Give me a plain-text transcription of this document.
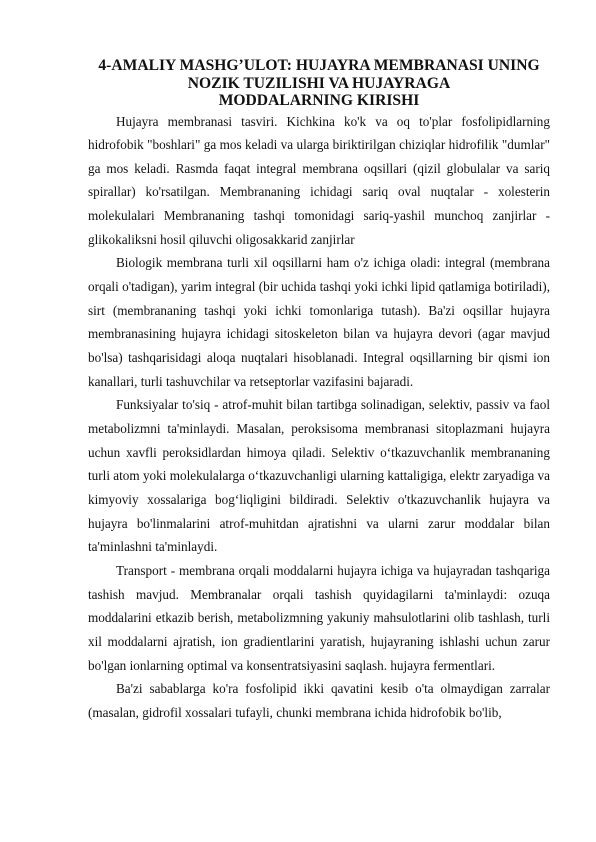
4-AMALIY MASHG’ULOT: HUJAYRA MEMBRANASI UNING
NOZIK TUZILISHI VA HUJAYRAGA
MODDALARNING KIRISHI

Hujayra membranasi tasviri. Kichkina ko'k va oq to'plar fosfolipidlarning hidrofobik "boshlari" ga mos keladi va ularga biriktirilgan chiziqlar hidrofilik "dumlar" ga mos keladi. Rasmda faqat integral membrana oqsillari (qizil globulalar va sariq spirallar) ko'rsatilgan. Membrananing ichidagi sariq oval nuqtalar - xolesterin molekulalari Membrananing tashqi tomonidagi sariq-yashil munchoq zanjirlar - glikokaliksni hosil qiluvchi oligosakkarid zanjirlar

Biologik membrana turli xil oqsillarni ham o'z ichiga oladi: integral (membrana orqali o'tadigan), yarim integral (bir uchida tashqi yoki ichki lipid qatlamiga botiriladi), sirt (membrananing tashqi yoki ichki tomonlariga tutash). Ba'zi oqsillar hujayra membranasining hujayra ichidagi sitoskeleton bilan va hujayra devori (agar mavjud bo'lsa) tashqarisidagi aloqa nuqtalari hisoblanadi. Integral oqsillarning bir qismi ion kanallari, turli tashuvchilar va retseptorlar vazifasini bajaradi.

Funksiyalar to'siq - atrof-muhit bilan tartibga solinadigan, selektiv, passiv va faol metabolizmni ta'minlaydi. Masalan, peroksisoma membranasi sitoplazmani hujayra uchun xavfli peroksidlardan himoya qiladi. Selektiv o‘tkazuvchanlik membrananing turli atom yoki molekulalarga o‘tkazuvchanligi ularning kattaligiga, elektr zaryadiga va kimyoviy xossalariga bog‘liqligini bildiradi. Selektiv o'tkazuvchanlik hujayra va hujayra bo'linmalarini atrof-muhitdan ajratishni va ularni zarur moddalar bilan ta'minlashni ta'minlaydi.

Transport - membrana orqali moddalarni hujayra ichiga va hujayradan tashqariga tashish mavjud. Membranalar orqali tashish quyidagilarni ta'minlaydi: ozuqa moddalarini etkazib berish, metabolizmning yakuniy mahsulotlarini olib tashlash, turli xil moddalarni ajratish, ion gradientlarini yaratish, hujayraning ishlashi uchun zarur bo'lgan ionlarning optimal va konsentratsiyasini saqlash. hujayra fermentlari.

Ba'zi sabablarga ko'ra fosfolipid ikki qavatini kesib o'ta olmaydigan zarralar (masalan, gidrofil xossalari tufayli, chunki membrana ichida hidrofobik bo'lib,
